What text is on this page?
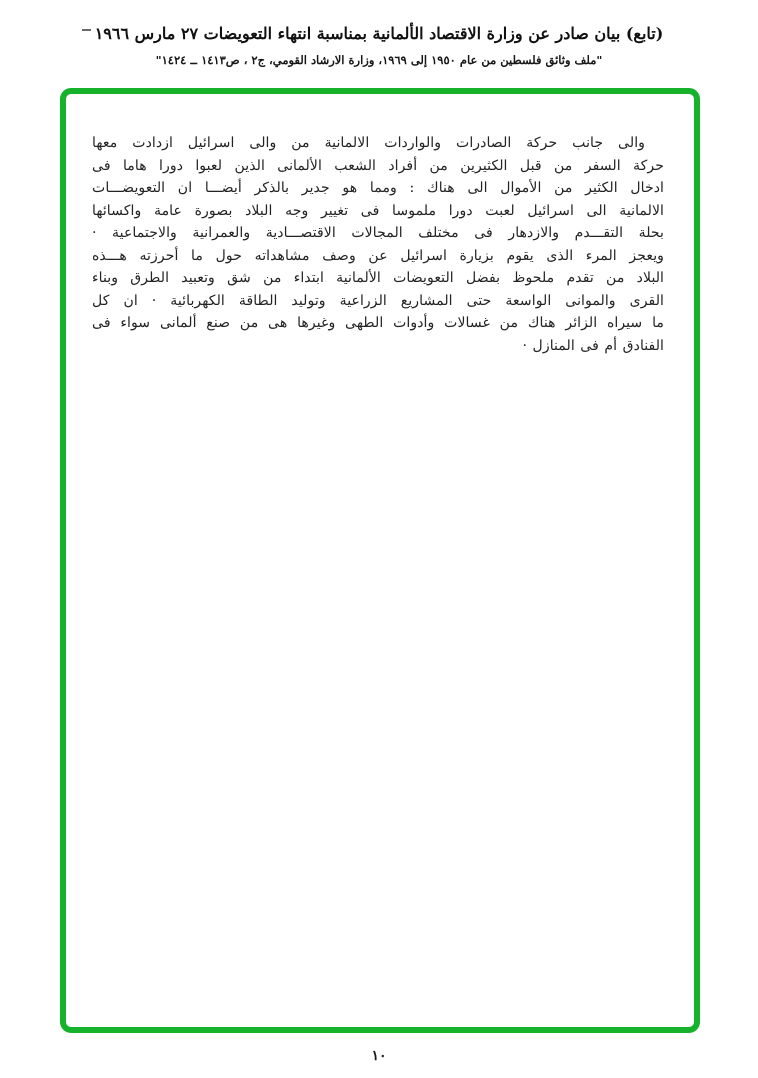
(تابع) بيان صادر عن وزارة الاقتصاد الألمانية بمناسبة انتهاء التعويضات ٢٧ مارس ١٩٦٦
"ملف وثائق فلسطين من عام ١٩٥٠ إلى ١٩٦٩، وزارة الارشاد القومي، ج٢ ، ص١٤١٣ ــ ١٤٢٤"
والى جانب حركة الصادرات والواردات الالمانية من والى اسرائيل ازدادت معها
حركة السفر من قبل الكثيرين من أفراد الشعب الألمانى الذين لعبوا دورا هاما فى
ادخال الكثير من الأموال الى هناك : ومما هو جدير بالذكر أيضـــا ان التعويضـــات
الالمانية الى اسرائيل لعبت دورا ملموسا فى تغيير وجه البلاد بصورة عامة واكسائها
بحلة التقـــدم والازدهار فى مختلف المجالات الاقتصـــادية والعمرانية والاجتماعية ·
ويعجز المرء الذى يقوم بزيارة اسرائيل عن وصف مشاهداته حول ما أحرزته هـــذه
البلاد من تقدم ملحوظ بفضل التعويضات الألمانية ابتداء من شق وتعبيد الطرق وبناء
القرى والموانى الواسعة حتى المشاريع الزراعية وتوليد الطاقة الكهربائية · ان كل
ما سيراه الزائر هناك من غسالات وأدوات الطهى وغيرها هى من صنع ألمانى سواء فى
الفنادق أم فى المنازل ·
١٠
